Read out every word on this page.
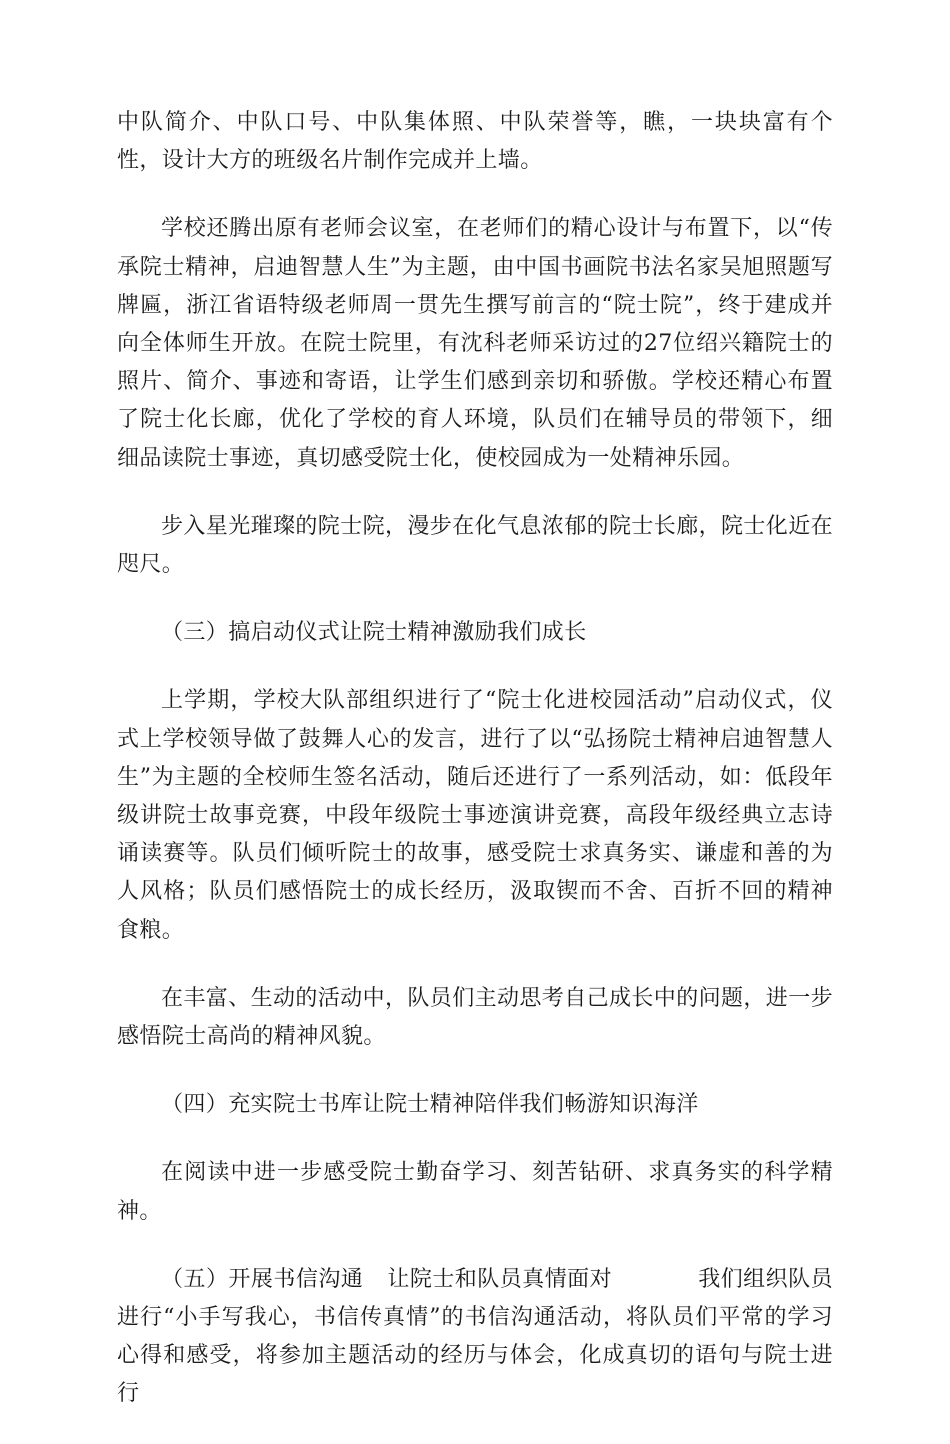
中队简介、中队口号、中队集体照、中队荣誉等，瞧，一块块富有个性，设计大方的班级名片制作完成并上墙。

学校还腾出原有老师会议室，在老师们的精心设计与布置下，以“传承院士精神，启迪智慧人生”为主题，由中国书画院书法名家吴旭照题写牌匾，浙江省语特级老师周一贯先生撰写前言的“院士院”，终于建成并向全体师生开放。在院士院里，有沈科老师采访过的27位绍兴籍院士的照片、简介、事迹和寄语，让学生们感到亲切和骄傲。学校还精心布置了院士化长廊，优化了学校的育人环境，队员们在辅导员的带领下，细细品读院士事迹，真切感受院士化，使校园成为一处精神乐园。

步入星光璀璨的院士院，漫步在化气息浓郁的院士长廊，院士化近在咫尺。

（三）搞启动仪式让院士精神激励我们成长

上学期，学校大队部组织进行了“院士化进校园活动”启动仪式，仪式上学校领导做了鼓舞人心的发言，进行了以“弘扬院士精神启迪智慧人生”为主题的全校师生签名活动，随后还进行了一系列活动，如：低段年级讲院士故事竞赛，中段年级院士事迹演讲竞赛，高段年级经典立志诗诵读赛等。队员们倾听院士的故事，感受院士求真务实、谦虚和善的为人风格；队员们感悟院士的成长经历，汲取锲而不舍、百折不回的精神食粮。

在丰富、生动的活动中，队员们主动思考自己成长中的问题，进一步感悟院士高尚的精神风貌。

（四）充实院士书库让院士精神陪伴我们畅游知识海洋

在阅读中进一步感受院士勤奋学习、刻苦钻研、求真务实的科学精神。

（五）开展书信沟通 让院士和队员真情面对	我们组织队员进行“小手写我心，书信传真情”的书信沟通活动，将队员们平常的学习心得和感受，将参加主题活动的经历与体会，化成真切的语句与院士进行
